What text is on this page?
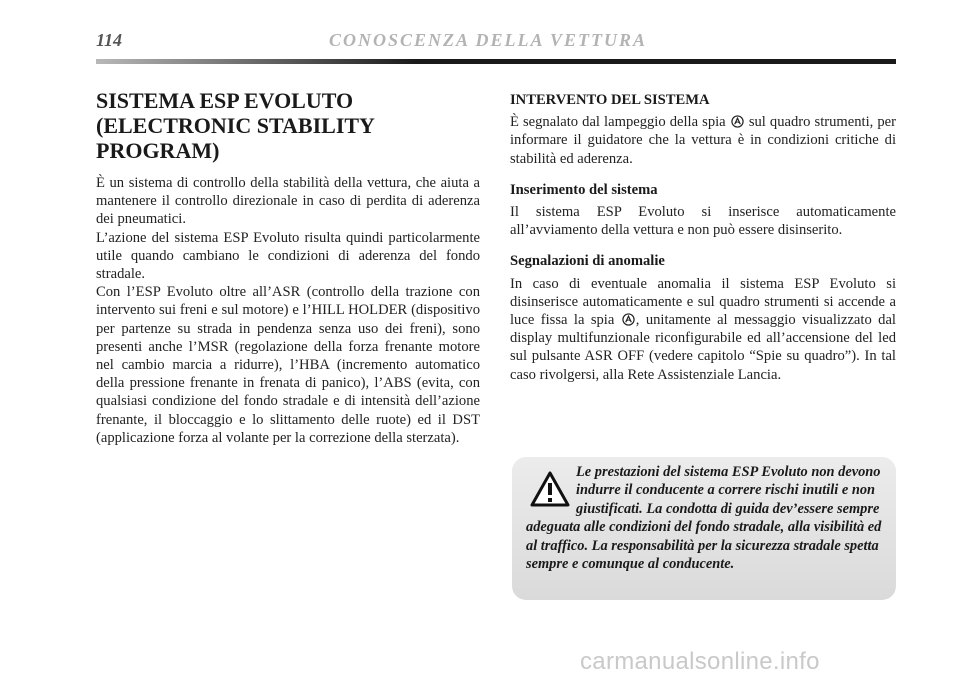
114	CONOSCENZA DELLA VETTURA
SISTEMA ESP EVOLUTO
(ELECTRONIC STABILITY
PROGRAM)

È un sistema di controllo della stabilità della vettura, che aiuta a mantenere il controllo direzionale in caso di perdita di aderenza dei pneumatici.

L’azione del sistema ESP Evoluto risulta quindi particolarmente utile quando cambiano le condizioni di aderenza del fondo stradale.

Con l’ESP Evoluto oltre all’ASR (controllo della trazione con intervento sui freni e sul motore) e l’HILL HOLDER (dispositivo per partenze su strada in pendenza senza uso dei freni), sono presenti anche l’MSR (regolazione della forza frenante motore nel cambio marcia a ridurre), l’HBA (incremento automatico della pressione frenante in frenata di panico), l’ABS (evita, con qualsiasi condizione del fondo stradale e di intensità dell’azione frenante, il bloccaggio e lo slittamento delle ruote) ed il DST (applicazione forza al volante per la correzione della sterzata).

INTERVENTO DEL SISTEMA

È segnalato dal lampeggio della spia sul quadro strumenti, per informare il guidatore che la vettura è in condizioni critiche di stabilità ed aderenza.

Inserimento del sistema

Il sistema ESP Evoluto si inserisce automaticamente all’avviamento della vettura e non può essere disinserito.

Segnalazioni di anomalie

In caso di eventuale anomalia il sistema ESP Evoluto si disinserisce automaticamente e sul quadro strumenti si accende a luce fissa la spia , unitamente al messaggio visualizzato dal display multifunzionale riconfigurabile ed all’accensione del led sul pulsante ASR OFF (vedere capitolo “Spie su quadro”). In tal caso rivolgersi, alla Rete Assistenziale Lancia.

Le prestazioni del sistema ESP Evoluto non devono indurre il conducente a correre rischi inutili e non giustificati. La condotta di guida dev’essere sempre adeguata alle condizioni del fondo stradale, alla visibilità ed al traffico. La responsabilità per la sicurezza stradale spetta sempre e comunque al conducente.
carmanualsonline.info
